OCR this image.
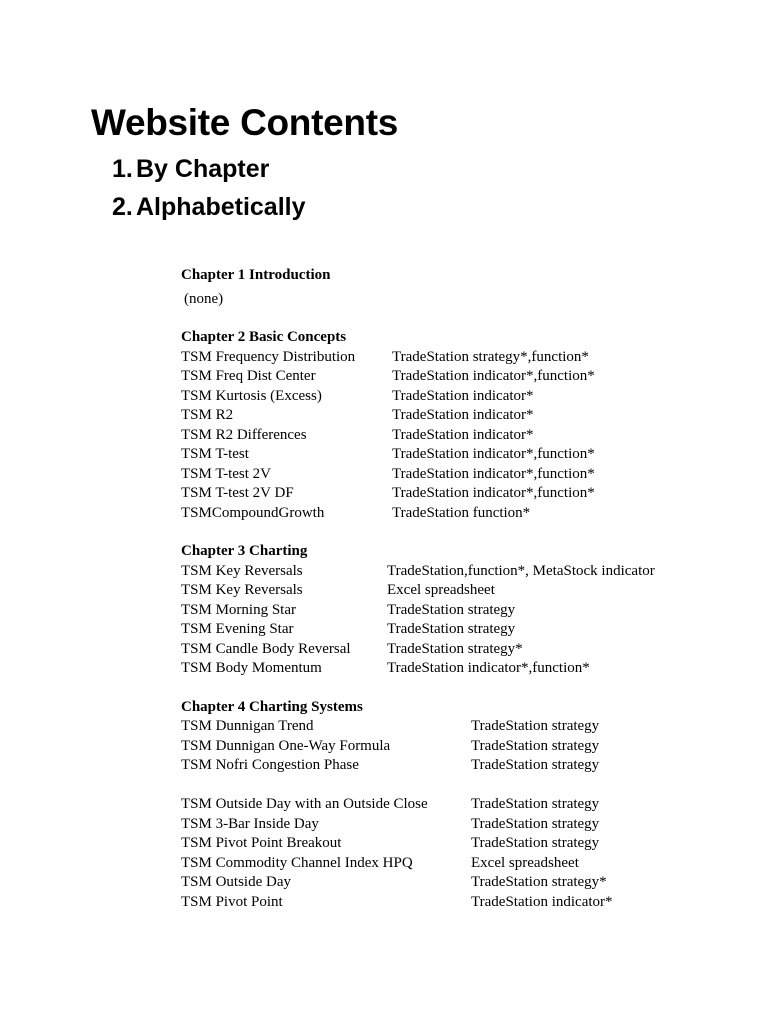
Website Contents
1. By Chapter
2. Alphabetically
Chapter 1 Introduction
(none)
Chapter 2 Basic Concepts
TSM Frequency Distribution	TradeStation strategy*,function*
TSM Freq Dist Center	TradeStation indicator*,function*
TSM Kurtosis (Excess)	TradeStation indicator*
TSM R2	TradeStation indicator*
TSM R2 Differences	TradeStation indicator*
TSM T-test	TradeStation indicator*,function*
TSM T-test 2V	TradeStation indicator*,function*
TSM T-test 2V DF	TradeStation indicator*,function*
TSMCompoundGrowth	TradeStation function*
Chapter 3 Charting
TSM Key Reversals	TradeStation,function*, MetaStock indicator
TSM Key Reversals	Excel spreadsheet
TSM Morning Star	TradeStation strategy
TSM Evening Star	TradeStation strategy
TSM Candle Body Reversal	TradeStation strategy*
TSM Body Momentum	TradeStation indicator*,function*
Chapter 4 Charting Systems
TSM Dunnigan Trend	TradeStation strategy
TSM Dunnigan One-Way Formula	TradeStation strategy
TSM Nofri Congestion Phase	TradeStation strategy
TSM Outside Day with an Outside Close	TradeStation strategy
TSM 3-Bar Inside Day	TradeStation strategy
TSM Pivot Point Breakout	TradeStation strategy
TSM Commodity Channel Index HPQ	Excel spreadsheet
TSM Outside Day	TradeStation strategy*
TSM Pivot Point	TradeStation indicator*
